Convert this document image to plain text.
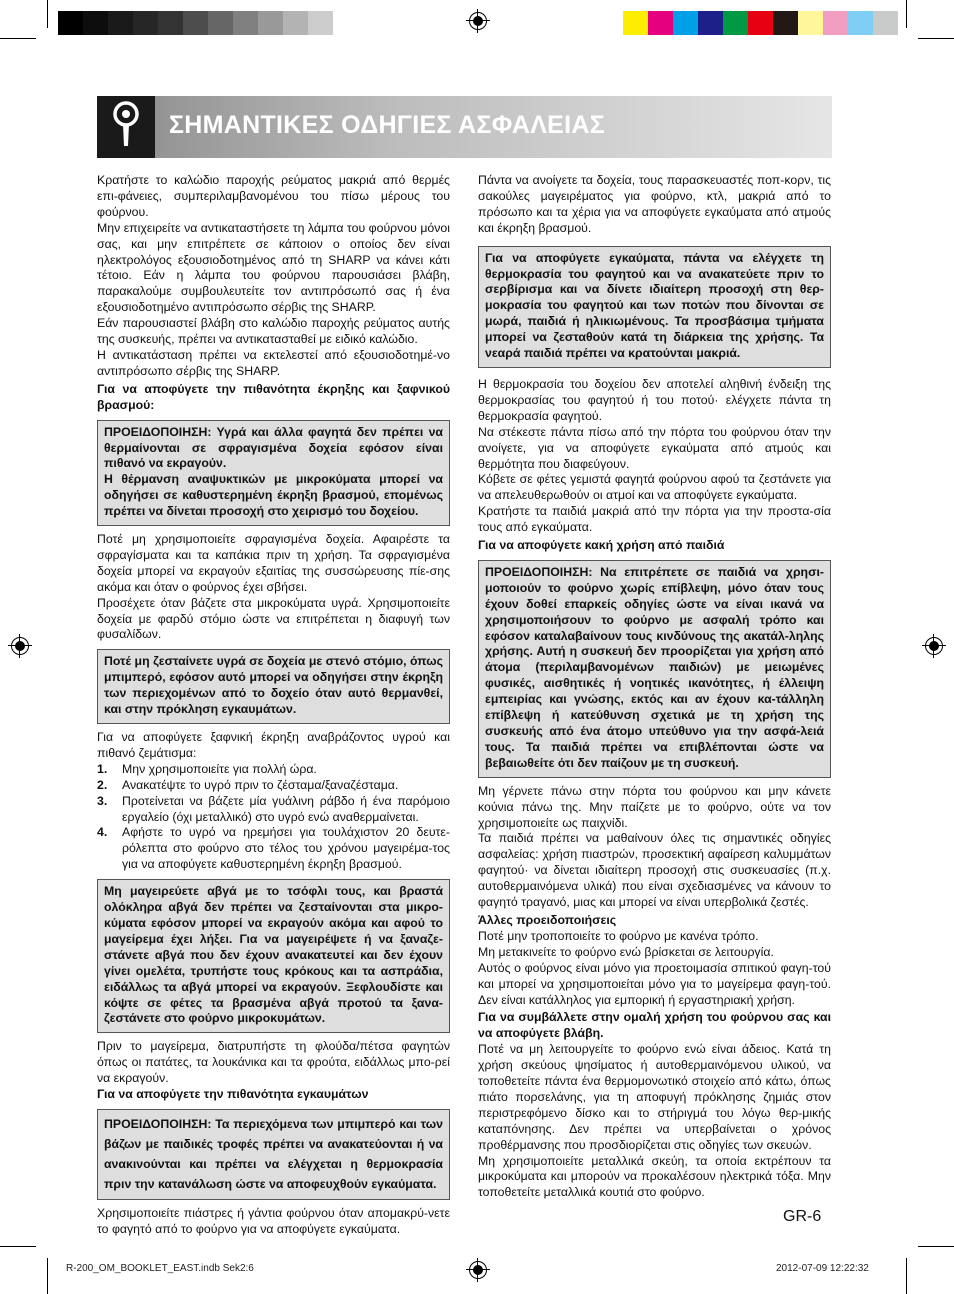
ΣΗΜΑΝΤΙΚΕΣ ΟΔΗΓΙΕΣ ΑΣΦΑΛΕΙΑΣ

Κρατήστε το καλώδιο παροχής ρεύματος μακριά από θερμές επι-φάνειες, συμπεριλαμβανομένου του πίσω μέρους του φούρνου.

Μην επιχειρείτε να αντικαταστήσετε τη λάμπα του φούρνου μόνοι σας, και μην επιτρέπετε σε κάποιον ο οποίος δεν είναι ηλεκτρολόγος εξουσιοδοτημένος από τη SHARP να κάνει κάτι τέτοιο. Εάν η λάμπα του φούρνου παρουσιάσει βλάβη, παρακαλούμε συμβουλευτείτε τον αντιπρόσωπό σας ή ένα εξουσιοδοτημένο αντιπρόσωπο σέρβις της SHARP.

Εάν παρουσιαστεί βλάβη στο καλώδιο παροχής ρεύματος αυτής της συσκευής, πρέπει να αντικατασταθεί με ειδικό καλώδιο.

Η αντικατάσταση πρέπει να εκτελεστεί από εξουσιοδοτημέ-νο αντιπρόσωπο σέρβις της SHARP.

Για να αποφύγετε την πιθανότητα έκρηξης και ξαφνικού βρασμού:

ΠΡΟΕΙΔΟΠΟΙΗΣΗ: Υγρά και άλλα φαγητά δεν πρέπει να θερμαίνονται σε σφραγισμένα δοχεία εφόσον είναι πιθανό να εκραγούν.

Η θέρμανση αναψυκτικών με μικροκύματα μπορεί να οδηγήσει σε καθυστερημένη έκρηξη βρασμού, επομένως πρέπει να δίνεται προσοχή στο χειρισμό του δοχείου.

Ποτέ μη χρησιμοποιείτε σφραγισμένα δοχεία. Αφαιρέστε τα σφραγίσματα και τα καπάκια πριν τη χρήση. Τα σφραγισμένα δοχεία μπορεί να εκραγούν εξαιτίας της συσσώρευσης πίε-σης ακόμα και όταν ο φούρνος έχει σβήσει.

Προσέχετε όταν βάζετε στα μικροκύματα υγρά. Χρησιμοποιείτε δοχεία με φαρδύ στόμιο ώστε να επιτρέπεται η διαφυγή των φυσαλίδων.

Ποτέ μη ζεσταίνετε υγρά σε δοχεία με στενό στόμιο, όπως μπιμπερό, εφόσον αυτό μπορεί να οδηγήσει στην έκρηξη των περιεχομένων από το δοχείο όταν αυτό θερμανθεί, και στην πρόκληση εγκαυμάτων.

Για να αποφύγετε ξαφνική έκρηξη αναβράζοντος υγρού και πιθανό ζεμάτισμα:

1. Μην χρησιμοποιείτε για πολλή ώρα.
2. Ανακατέψτε το υγρό πριν το ζέσταμα/ξαναζέσταμα.
3. Προτείνεται να βάζετε μία γυάλινη ράβδο ή ένα παρόμοιο εργαλείο (όχι μεταλλικό) στο υγρό ενώ αναθερμαίνεται.
4. Αφήστε το υγρό να ηρεμήσει για τουλάχιστον 20 δευτε-ρόλεπτα στο φούρνο στο τέλος του χρόνου μαγειρέμα-τος για να αποφύγετε καθυστερημένη έκρηξη βρασμού.

Μη μαγειρεύετε αβγά με το τσόφλι τους, και βραστά ολόκληρα αβγά δεν πρέπει να ζεσταίνονται στα μικρο-κύματα εφόσον μπορεί να εκραγούν ακόμα και αφού το μαγείρεμα έχει λήξει. Για να μαγειρέψετε ή να ξαναζε-στάνετε αβγά που δεν έχουν ανακατευτεί και δεν έχουν γίνει ομελέτα, τρυπήστε τους κρόκους και τα ασπράδια, ειδάλλως τα αβγά μπορεί να εκραγούν. Ξεφλουδίστε και κόψτε σε φέτες τα βρασμένα αβγά προτού τα ξανα-ζεστάνετε στο φούρνο μικροκυμάτων.

Πριν το μαγείρεμα, διατρυπήστε τη φλούδα/πέτσα φαγητών όπως οι πατάτες, τα λουκάνικα και τα φρούτα, ειδάλλως μπο-ρεί να εκραγούν.

Για να αποφύγετε την πιθανότητα εγκαυμάτων

ΠΡΟΕΙΔΟΠΟΙΗΣΗ: Τα περιεχόμενα των μπιμπερό και των βάζων με παιδικές τροφές πρέπει να ανακατεύονται ή να ανακινούνται και πρέπει να ελέγχεται η θερμοκρασία πριν την κατανάλωση ώστε να αποφευχθούν εγκαύματα.

Χρησιμοποιείτε πιάστρες ή γάντια φούρνου όταν απομακρύ-νετε το φαγητό από το φούρνο για να αποφύγετε εγκαύματα.

Πάντα να ανοίγετε τα δοχεία, τους παρασκευαστές ποπ-κορν, τις σακούλες μαγειρέματος για φούρνο, κτλ, μακριά από το πρόσωπο και τα χέρια για να αποφύγετε εγκαύματα από ατμούς και έκρηξη βρασμού.

Για να αποφύγετε εγκαύματα, πάντα να ελέγχετε τη θερμοκρασία του φαγητού και να ανακατεύετε πριν το σερβίρισμα και να δίνετε ιδιαίτερη προσοχή στη θερ-μοκρασία του φαγητού και των ποτών που δίνονται σε μωρά, παιδιά ή ηλικιωμένους. Τα προσβάσιμα τμήματα μπορεί να ζεσταθούν κατά τη διάρκεια της χρήσης. Τα νεαρά παιδιά πρέπει να κρατούνται μακριά.

Η θερμοκρασία του δοχείου δεν αποτελεί αληθινή ένδειξη της θερμοκρασίας του φαγητού ή του ποτού· ελέγχετε πάντα τη θερμοκρασία φαγητού.

Να στέκεστε πάντα πίσω από την πόρτα του φούρνου όταν την ανοίγετε, για να αποφύγετε εγκαύματα από ατμούς και θερμότητα που διαφεύγουν.

Κόβετε σε φέτες γεμιστά φαγητά φούρνου αφού τα ζεστάνετε για να απελευθερωθούν οι ατμοί και να αποφύγετε εγκαύματα.

Κρατήστε τα παιδιά μακριά από την πόρτα για την προστα-σία τους από εγκαύματα.

Για να αποφύγετε κακή χρήση από παιδιά

ΠΡΟΕΙΔΟΠΟΙΗΣΗ: Να επιτρέπετε σε παιδιά να χρησι-μοποιούν το φούρνο χωρίς επίβλεψη, μόνο όταν τους έχουν δοθεί επαρκείς οδηγίες ώστε να είναι ικανά να χρησιμοποιήσουν το φούρνο με ασφαλή τρόπο και εφόσον καταλαβαίνουν τους κινδύνους της ακατάλ-ληλης χρήσης. Αυτή η συσκευή δεν προορίζεται για χρήση από άτομα (περιλαμβανομένων παιδιών) με μειωμένες φυσικές, αισθητικές ή νοητικές ικανότητες, ή έλλειψη εμπειρίας και γνώσης, εκτός και αν έχουν κα-τάλληλη επίβλεψη ή κατεύθυνση σχετικά με τη χρήση της συσκευής από ένα άτομο υπεύθυνο για την ασφά-λειά τους. Τα παιδιά πρέπει να επιβλέπονται ώστε να βεβαιωθείτε ότι δεν παίζουν με τη συσκευή.

Μη γέρνετε πάνω στην πόρτα του φούρνου και μην κάνετε κούνια πάνω της. Μην παίζετε με το φούρνο, ούτε να τον χρησιμοποιείτε ως παιχνίδι.

Τα παιδιά πρέπει να μαθαίνουν όλες τις σημαντικές οδηγίες ασφαλείας: χρήση πιαστρών, προσεκτική αφαίρεση καλυμμάτων φαγητού· να δίνεται ιδιαίτερη προσοχή στις συσκευασίες (π.χ. αυτοθερμαινόμενα υλικά) που είναι σχεδιασμένες να κάνουν το φαγητό τραγανό, μιας και μπορεί να είναι υπερβολικά ζεστές.

Άλλες προειδοποιήσεις

Ποτέ μην τροποποιείτε το φούρνο με κανένα τρόπο.

Μη μετακινείτε το φούρνο ενώ βρίσκεται σε λειτουργία.

Αυτός ο φούρνος είναι μόνο για προετοιμασία σπιτικού φαγη-τού και μπορεί να χρησιμοποιείται μόνο για το μαγείρεμα φαγη-τού. Δεν είναι κατάλληλος για εμπορική ή εργαστηριακή χρήση.

Για να συμβάλλετε στην ομαλή χρήση του φούρνου σας και να αποφύγετε βλάβη.

Ποτέ να μη λειτουργείτε το φούρνο ενώ είναι άδειος. Κατά τη χρήση σκεύους ψησίματος ή αυτοθερμαινόμενου υλικού, να τοποθετείτε πάντα ένα θερμομονωτικό στοιχείο από κάτω, όπως πιάτο πορσελάνης, για τη αποφυγή πρόκλησης ζημιάς στον περιστρεφόμενο δίσκο και το στήριγμά του λόγω θερ-μικής καταπόνησης. Δεν πρέπει να υπερβαίνεται ο χρόνος προθέρμανσης που προσδιορίζεται στις οδηγίες των σκευών.

Μη χρησιμοποιείτε μεταλλικά σκεύη, τα οποία εκτρέπουν τα μικροκύματα και μπορούν να προκαλέσουν ηλεκτρικά τόξα. Μην τοποθετείτε μεταλλικά κουτιά στο φούρνο.

GR-6
R-200_OM_BOOKLET_EAST.indb Sek2:6	2012-07-09 12:22:32
